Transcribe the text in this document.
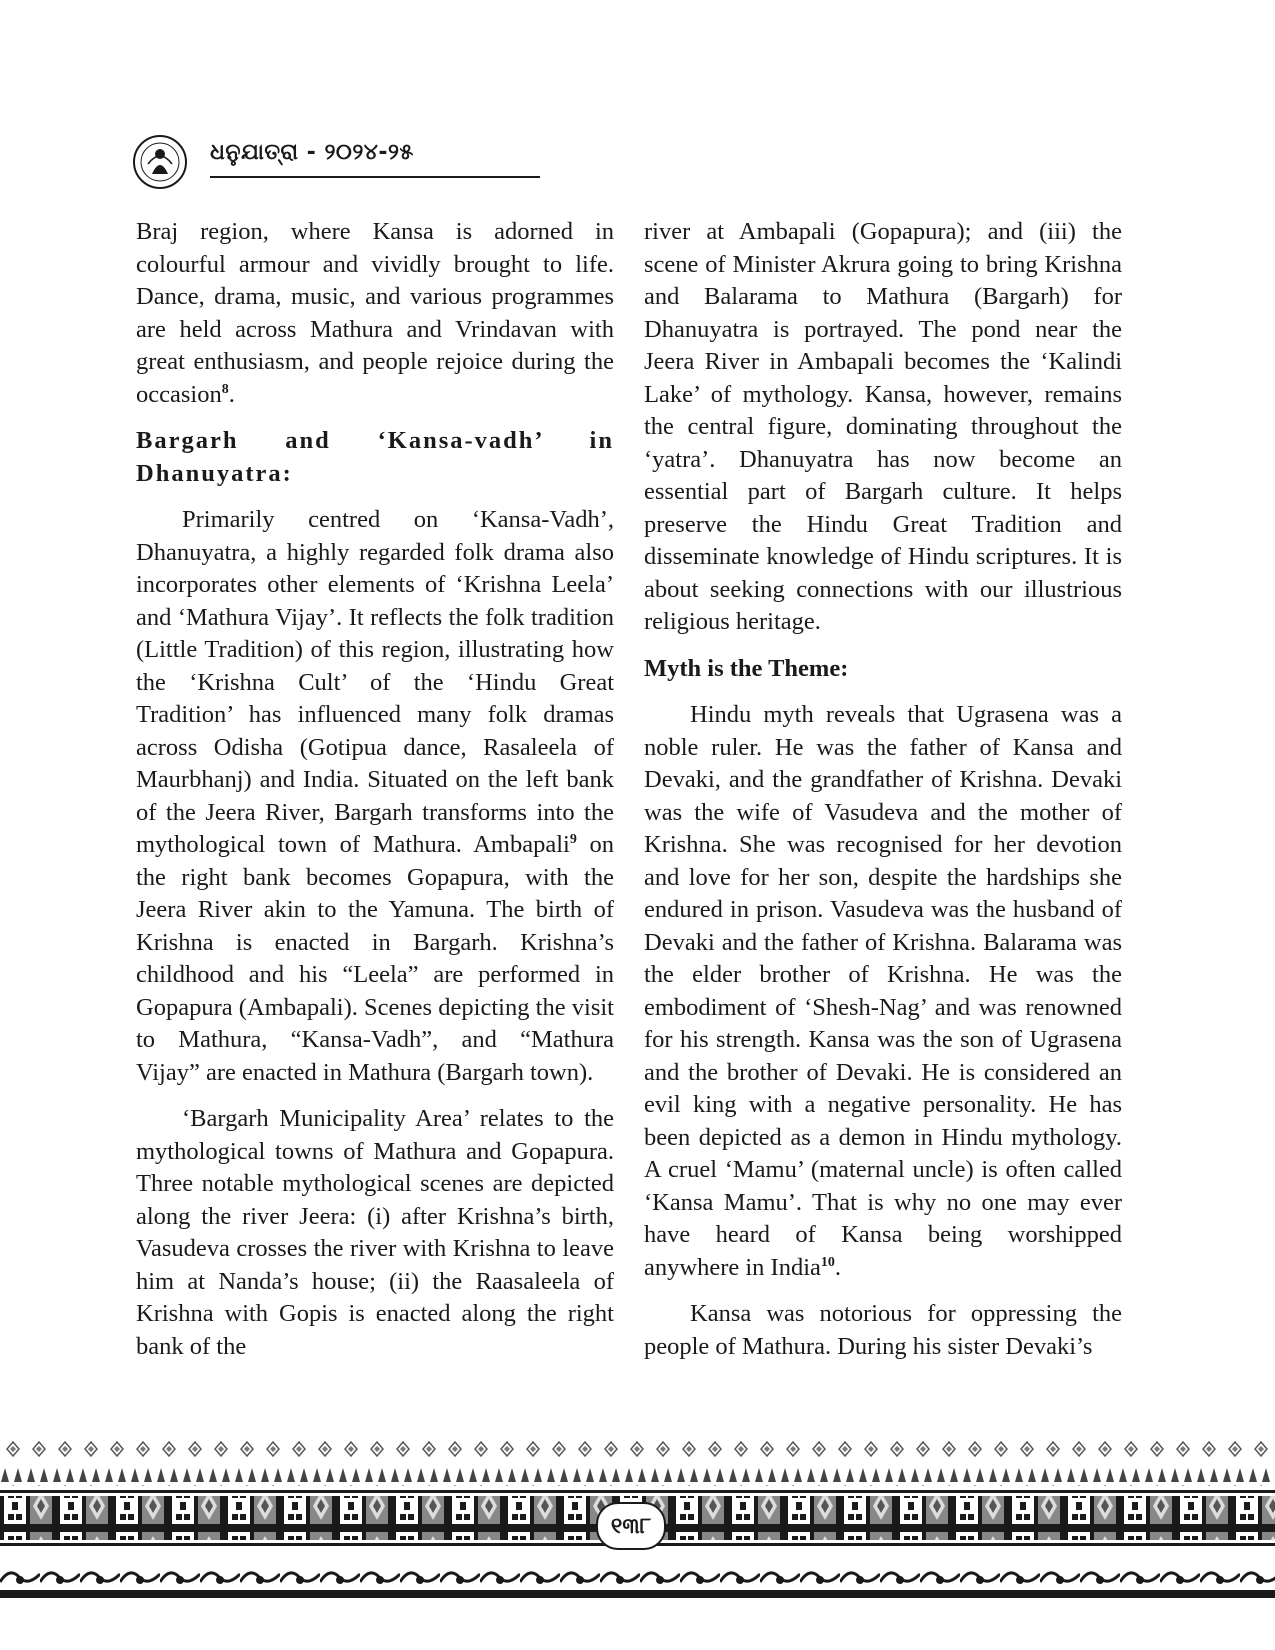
ଧନୁଯାତ୍ରା - ୨୦୨୪-୨୫

Braj region, where Kansa is adorned in colourful armour and vividly brought to life. Dance, drama, music, and various programmes are held across Mathura and Vrindavan with great enthusiasm, and people rejoice during the occasion$^8$.

Bargarh and ‘Kansa-vadh’ in Dhanuyatra:

Primarily centred on ‘Kansa-Vadh’, Dhanuyatra, a highly regarded folk drama also incorporates other elements of ‘Krishna Leela’ and ‘Mathura Vijay’. It reflects the folk tradition (Little Tradition) of this region, illustrating how the ‘Krishna Cult’ of the ‘Hindu Great Tradition’ has influenced many folk dramas across Odisha (Gotipua dance, Rasaleela of Maurbhanj) and India. Situated on the left bank of the Jeera River, Bargarh transforms into the mythological town of Mathura. Ambapali$^9$ on the right bank becomes Gopapura, with the Jeera River akin to the Yamuna. The birth of Krishna is enacted in Bargarh. Krishna’s childhood and his “Leela” are performed in Gopapura (Ambapali). Scenes depicting the visit to Mathura, “Kansa-Vadh”, and “Mathura Vijay” are enacted in Mathura (Bargarh town).

‘Bargarh Municipality Area’ relates to the mythological towns of Mathura and Gopapura. Three notable mythological scenes are depicted along the river Jeera: (i) after Krishna’s birth, Vasudeva crosses the river with Krishna to leave him at Nanda’s house; (ii) the Raasaleela of Krishna with Gopis is enacted along the right bank of the

river at Ambapali (Gopapura); and (iii) the scene of Minister Akrura going to bring Krishna and Balarama to Mathura (Bargarh) for Dhanuyatra is portrayed. The pond near the Jeera River in Ambapali becomes the ‘Kalindi Lake’ of mythology. Kansa, however, remains the central figure, dominating throughout the ‘yatra’. Dhanuyatra has now become an essential part of Bargarh culture. It helps preserve the Hindu Great Tradition and disseminate knowledge of Hindu scriptures. It is about seeking connections with our illustrious religious heritage.

Myth is the Theme:

Hindu myth reveals that Ugrasena was a noble ruler. He was the father of Kansa and Devaki, and the grandfather of Krishna. Devaki was the wife of Vasudeva and the mother of Krishna. She was recognised for her devotion and love for her son, despite the hardships she endured in prison. Vasudeva was the husband of Devaki and the father of Krishna. Balarama was the elder brother of Krishna. He was the embodiment of ‘Shesh-Nag’ and was renowned for his strength. Kansa was the son of Ugrasena and the brother of Devaki. He is considered an evil king with a negative personality. He has been depicted as a demon in Hindu mythology. A cruel ‘Mamu’ (maternal uncle) is often called ‘Kansa Mamu’. That is why no one may ever have heard of Kansa being worshipped anywhere in India$^{10}$.

Kansa was notorious for oppressing the people of Mathura. During his sister Devaki’s

୧୩୮
